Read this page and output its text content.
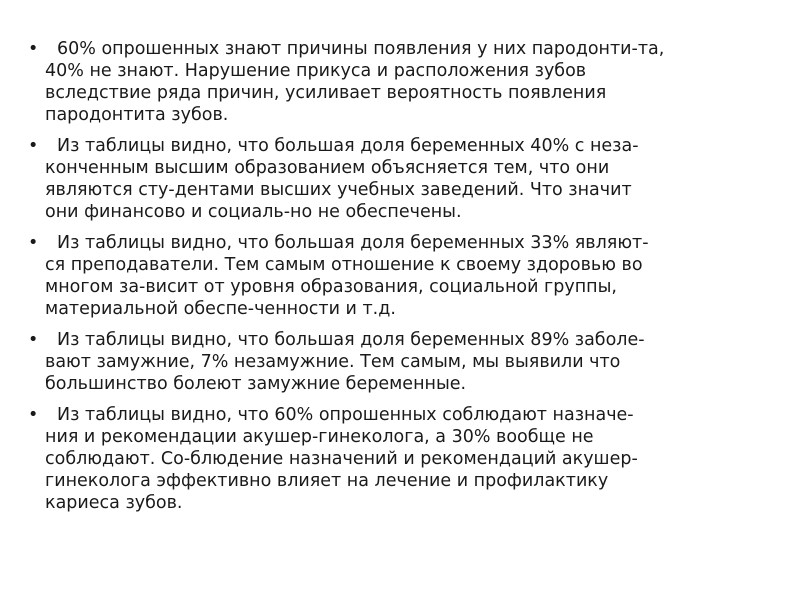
•	60% опрошенных знают причины появления у них пародонти-та,
40% не знают. Нарушение прикуса и расположения зубов
вследствие ряда причин, усиливает вероятность появления
пародонтита зубов.
•	Из таблицы видно, что большая доля беременных 40% с неза-
конченным высшим образованием объясняется тем, что они
являются сту-дентами высших учебных заведений. Что значит
они финансово и социаль-но не обеспечены.
•	Из таблицы видно, что большая доля беременных 33% являют-
ся преподаватели. Тем самым отношение к своему здоровью во
многом за-висит от уровня образования, социальной группы,
материальной обеспе-ченности и т.д.
•	Из таблицы видно, что большая доля беременных 89% заболе-
вают замужние, 7% незамужние. Тем самым, мы выявили что
большинство болеют замужние беременные.
•	Из таблицы видно, что 60% опрошенных соблюдают назначе-
ния и рекомендации акушер-гинеколога, а 30% вообще не
соблюдают. Со-блюдение назначений и рекомендаций акушер-
гинеколога эффективно влияет на лечение и профилактику
кариеса зубов.
